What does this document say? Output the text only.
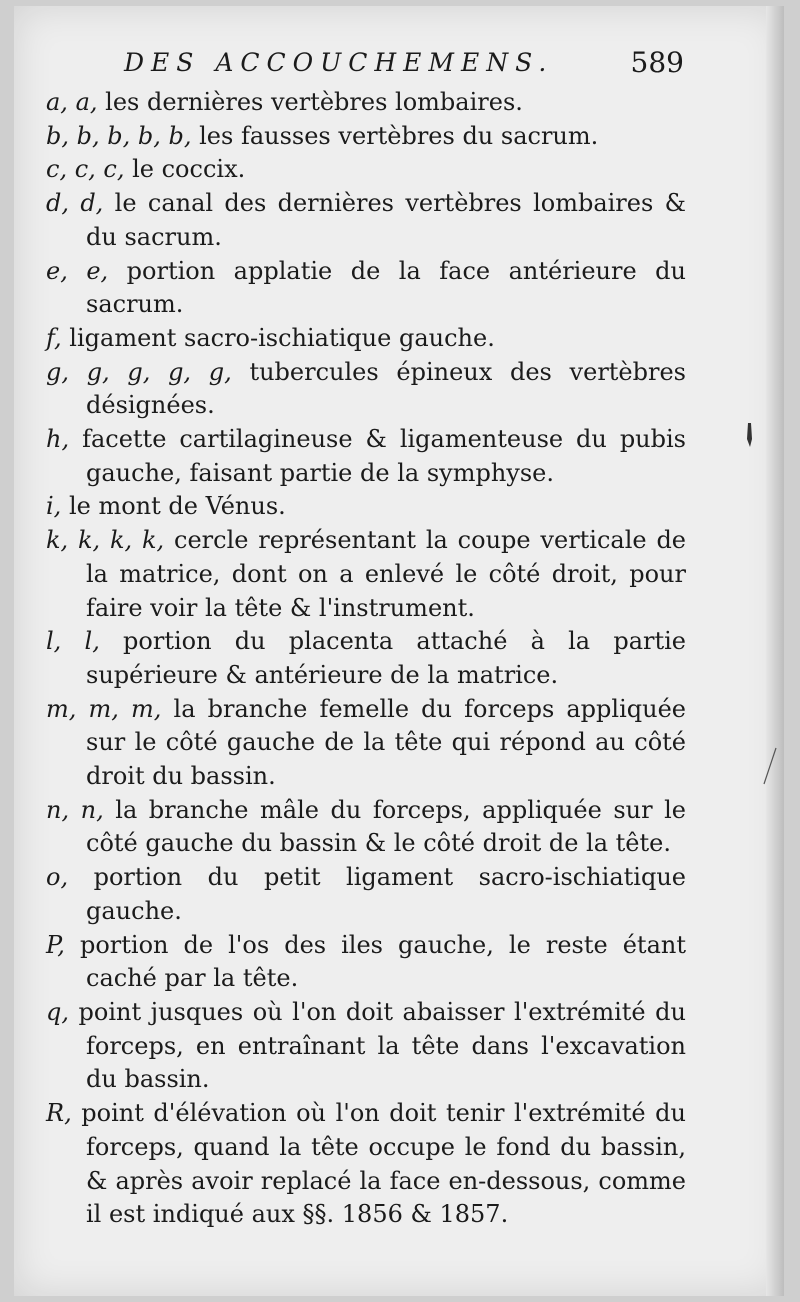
DES ACCOUCHEMENS.	589
a, a, les dernières vertèbres lombaires.
b, b, b, b, b, les fausses vertèbres du sacrum.
c, c, c, le coccix.
d, d, le canal des dernières vertèbres lombaires & du sacrum.
e, e, portion applatie de la face antérieure du sacrum.
f, ligament sacro-ischiatique gauche.
g, g, g, g, g, tubercules épineux des vertèbres désignées.
h, facette cartilagineuse & ligamenteuse du pubis gauche, faisant partie de la symphyse.
i, le mont de Vénus.
k, k, k, k, cercle représentant la coupe verticale de la matrice, dont on a enlevé le côté droit, pour faire voir la tête & l'instrument.
l, l, portion du placenta attaché à la partie supérieure & antérieure de la matrice.
m, m, m, la branche femelle du forceps appliquée sur le côté gauche de la tête qui répond au côté droit du bassin.
n, n, la branche mâle du forceps, appliquée sur le côté gauche du bassin & le côté droit de la tête.
o, portion du petit ligament sacro-ischiatique gauche.
P, portion de l'os des iles gauche, le reste étant caché par la tête.
q, point jusques où l'on doit abaisser l'extrémité du forceps, en entraînant la tête dans l'excavation du bassin.
R, point d'élévation où l'on doit tenir l'extrémité du forceps, quand la tête occupe le fond du bassin, & après avoir replacé la face en-dessous, comme il est indiqué aux §§. 1856 & 1857.
